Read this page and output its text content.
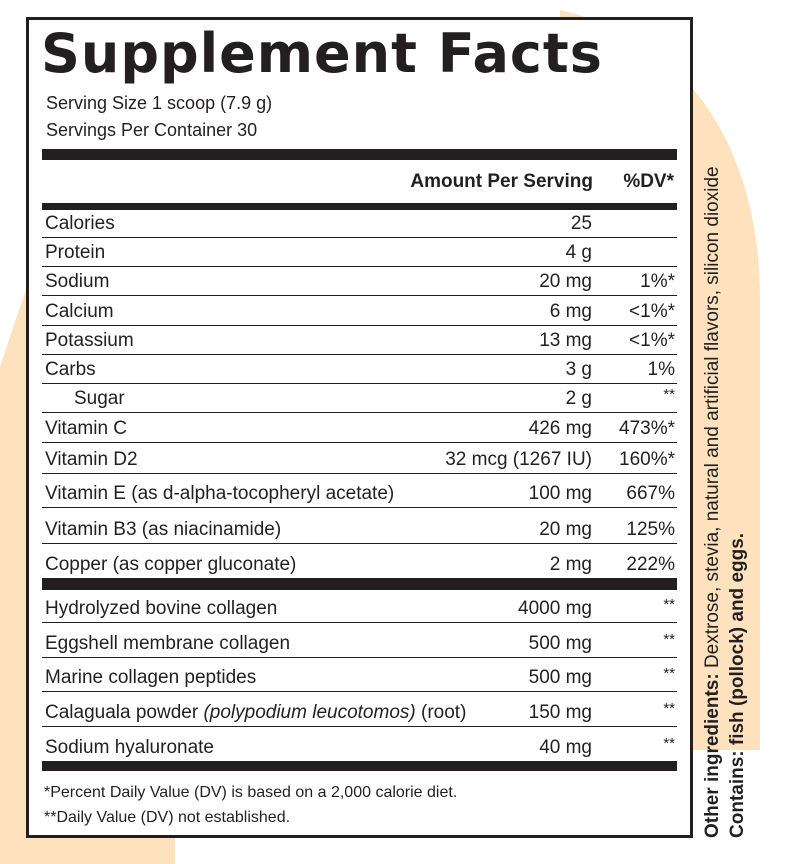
Supplement Facts
Serving Size 1 scoop (7.9 g)
Servings Per Container 30
Amount Per Serving %DV*
Calories	25
Protein	4 g
Sodium	20 mg	1%*
Calcium	6 mg <1%*
Potassium	13 mg <1%*
Carbs	3 g	1%
Sugar	2 g	**
Vitamin C	426 mg 473%*
Vitamin D2	32 mcg (1267 IU) 160%*
Vitamin E (as d-alpha-tocopheryl acetate)	100 mg 667%
Vitamin B3 (as niacinamide)	20 mg 125%
Copper (as copper gluconate)	2 mg 222%
Hydrolyzed bovine collagen	4000 mg	**
Eggshell membrane collagen	500 mg	**
Marine collagen peptides	500 mg	**
Calaguala powder (polypodium leucotomos) (root)	150 mg	**
Sodium hyaluronate	40 mg	**
*Percent Daily Value (DV) is based on a 2,000 calorie diet.
**Daily Value (DV) not established.	Other ingredients: Dextrose, stevia, natural and artificial flavors, silicon dioxide
Contains: fish (pollock) and eggs.
